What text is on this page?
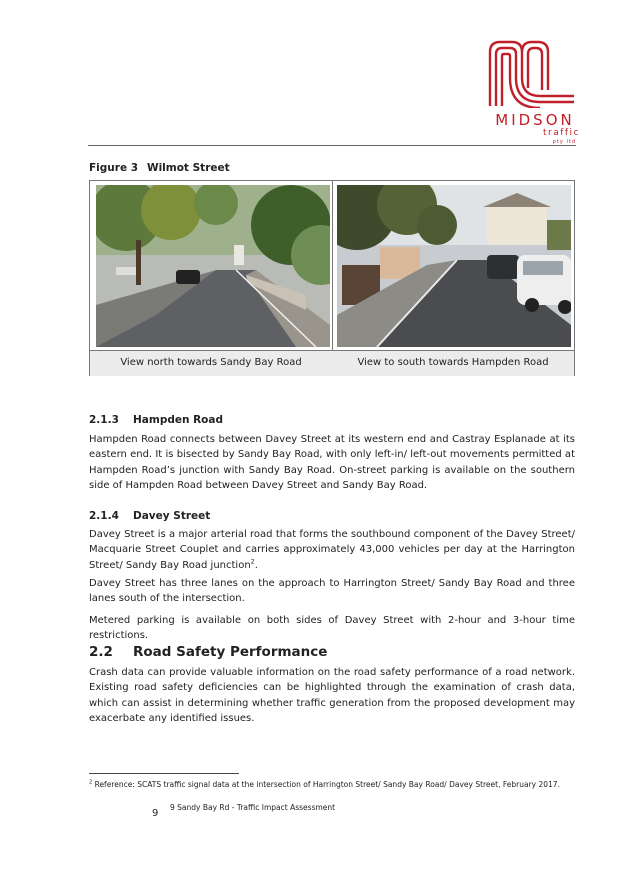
MIDSON
traffic
pty ltd
Figure 3 Wilmot Street
View north towards Sandy Bay Road	View to south towards Hampden Road
2.1.3 Hampden Road
Hampden Road connects between Davey Street at its western end and Castray Esplanade at its eastern end. It is bisected by Sandy Bay Road, with only left-in/ left-out movements permitted at Hampden Road’s junction with Sandy Bay Road. On-street parking is available on the southern side of Hampden Road between Davey Street and Sandy Bay Road.
2.1.4 Davey Street
Davey Street is a major arterial road that forms the southbound component of the Davey Street/ Macquarie Street Couplet and carries approximately 43,000 vehicles per day at the Harrington Street/ Sandy Bay Road junction$^2$.
Davey Street has three lanes on the approach to Harrington Street/ Sandy Bay Road and three lanes south of the intersection.
Metered parking is available on both sides of Davey Street with 2-hour and 3-hour time restrictions.
2.2 Road Safety Performance
Crash data can provide valuable information on the road safety performance of a road network. Existing road safety deficiencies can be highlighted through the examination of crash data, which can assist in determining whether traffic generation from the proposed development may exacerbate any identified issues.
$^2$ Reference: SCATS traffic signal data at the intersection of Harrington Street/ Sandy Bay Road/ Davey Street, February 2017.
9
9 Sandy Bay Rd - Traffic Impact Assessment
